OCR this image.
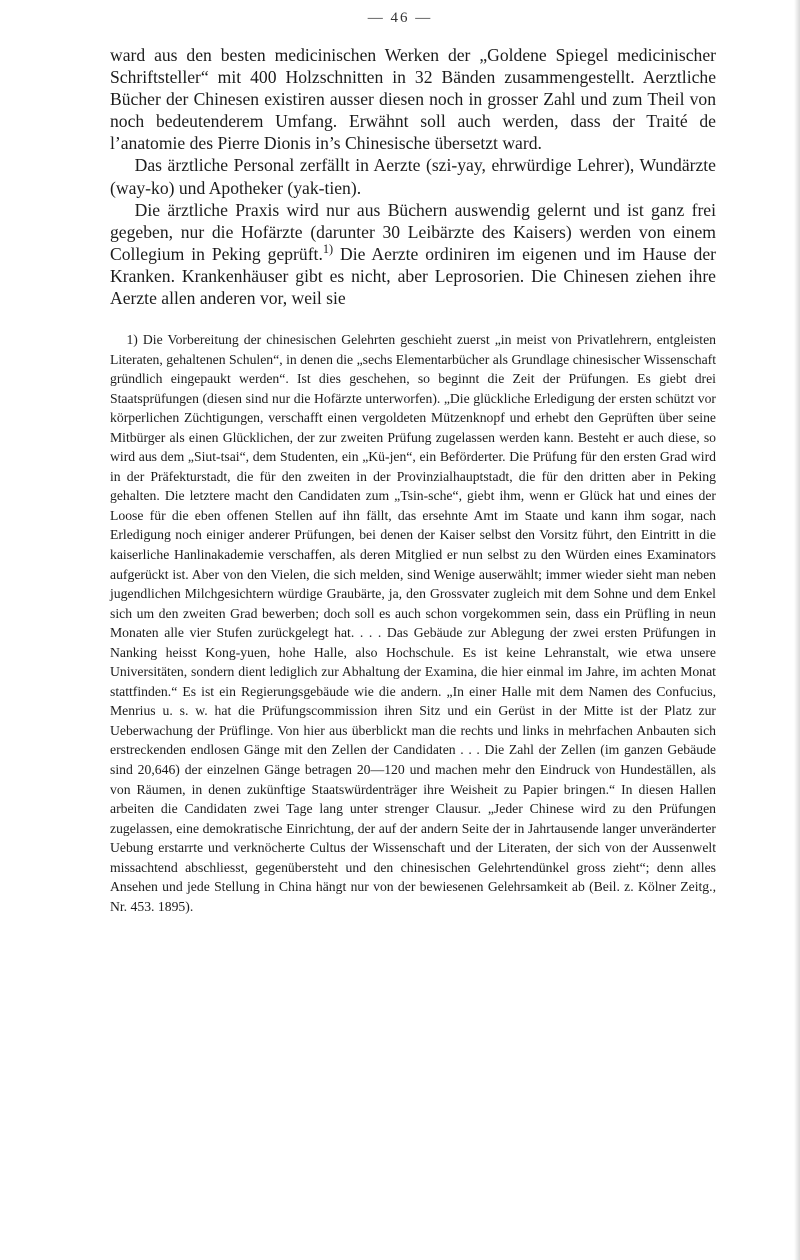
— 46 —

ward aus den besten medicinischen Werken der „Goldene Spiegel medicinischer Schriftsteller“ mit 400 Holzschnitten in 32 Bänden zusammengestellt. Aerztliche Bücher der Chinesen existiren ausser diesen noch in grosser Zahl und zum Theil von noch bedeutenderem Umfang. Erwähnt soll auch werden, dass der Traité de l’anatomie des Pierre Dionis in’s Chinesische übersetzt ward.

Das ärztliche Personal zerfällt in Aerzte (szi-yay, ehrwürdige Lehrer), Wundärzte (way-ko) und Apotheker (yak-tien).

Die ärztliche Praxis wird nur aus Büchern auswendig gelernt und ist ganz frei gegeben, nur die Hofärzte (darunter 30 Leibärzte des Kaisers) werden von einem Collegium in Peking geprüft.$^{1)}$ Die Aerzte ordiniren im eigenen und im Hause der Kranken. Krankenhäuser gibt es nicht, aber Leprosorien. Die Chinesen ziehen ihre Aerzte allen anderen vor, weil sie

1) Die Vorbereitung der chinesischen Gelehrten geschieht zuerst „in meist von Privatlehrern, entgleisten Literaten, gehaltenen Schulen“, in denen die „sechs Elementarbücher als Grundlage chinesischer Wissenschaft gründlich eingepaukt werden“. Ist dies geschehen, so beginnt die Zeit der Prüfungen. Es giebt drei Staatsprüfungen (diesen sind nur die Hofärzte unterworfen). „Die glückliche Erledigung der ersten schützt vor körperlichen Züchtigungen, verschafft einen vergoldeten Mützenknopf und erhebt den Geprüften über seine Mitbürger als einen Glücklichen, der zur zweiten Prüfung zugelassen werden kann. Besteht er auch diese, so wird aus dem „Siut-tsai“, dem Studenten, ein „Kü-jen“, ein Beförderter. Die Prüfung für den ersten Grad wird in der Präfekturstadt, die für den zweiten in der Provinzialhauptstadt, die für den dritten aber in Peking gehalten. Die letztere macht den Candidaten zum „Tsin-sche“, giebt ihm, wenn er Glück hat und eines der Loose für die eben offenen Stellen auf ihn fällt, das ersehnte Amt im Staate und kann ihm sogar, nach Erledigung noch einiger anderer Prüfungen, bei denen der Kaiser selbst den Vorsitz führt, den Eintritt in die kaiserliche Hanlinakademie verschaffen, als deren Mitglied er nun selbst zu den Würden eines Examinators aufgerückt ist. Aber von den Vielen, die sich melden, sind Wenige auserwählt; immer wieder sieht man neben jugendlichen Milchgesichtern würdige Graubärte, ja, den Grossvater zugleich mit dem Sohne und dem Enkel sich um den zweiten Grad bewerben; doch soll es auch schon vorgekommen sein, dass ein Prüfling in neun Monaten alle vier Stufen zurückgelegt hat. . . . Das Gebäude zur Ablegung der zwei ersten Prüfungen in Nanking heisst Kong-yuen, hohe Halle, also Hochschule. Es ist keine Lehranstalt, wie etwa unsere Universitäten, sondern dient lediglich zur Abhaltung der Examina, die hier einmal im Jahre, im achten Monat stattfinden.“ Es ist ein Regierungsgebäude wie die andern. „In einer Halle mit dem Namen des Confucius, Menrius u. s. w. hat die Prüfungscommission ihren Sitz und ein Gerüst in der Mitte ist der Platz zur Ueberwachung der Prüflinge. Von hier aus überblickt man die rechts und links in mehrfachen Anbauten sich erstreckenden endlosen Gänge mit den Zellen der Candidaten . . . Die Zahl der Zellen (im ganzen Gebäude sind 20,646) der einzelnen Gänge betragen 20—120 und machen mehr den Eindruck von Hundeställen, als von Räumen, in denen zukünftige Staatswürdenträger ihre Weisheit zu Papier bringen.“ In diesen Hallen arbeiten die Candidaten zwei Tage lang unter strenger Clausur. „Jeder Chinese wird zu den Prüfungen zugelassen, eine demokratische Einrichtung, der auf der andern Seite der in Jahrtausende langer unveränderter Uebung erstarrte und verknöcherte Cultus der Wissenschaft und der Literaten, der sich von der Aussenwelt missachtend abschliesst, gegenübersteht und den chinesischen Gelehrtendünkel gross zieht“; denn alles Ansehen und jede Stellung in China hängt nur von der bewiesenen Gelehrsamkeit ab (Beil. z. Kölner Zeitg., Nr. 453. 1895).
